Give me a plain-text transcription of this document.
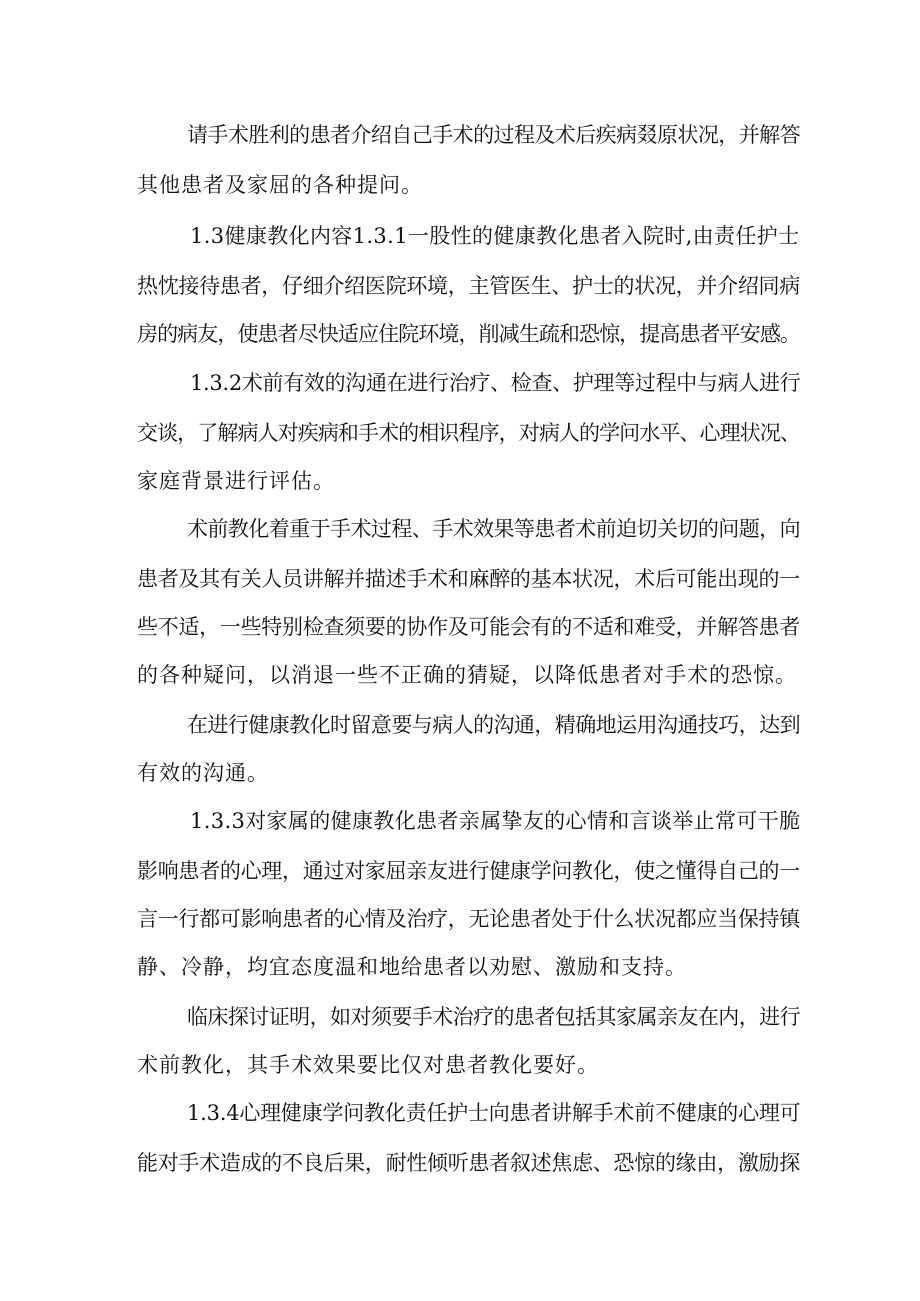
请手术胜利的患者介绍自己手术的过程及术后疾病叕原状况，并解答
其他患者及家屈的各种提问。
1.3健康教化内容1.3.1一股性的健康教化患者入院时,由责任护士
热忱接待患者，仔细介绍医院环境，主管医生、护士的状况，并介绍同病
房的病友，使患者尽快适应住院环境，削减生疏和恐惊，提高患者平安感。
1.3.2术前有效的沟通在进行治疗、检查、护理等过程中与病人进行
交谈，了解病人对疾病和手术的相识程序，对病人的学问水平、心理状况、
家庭背景进行评估。
术前教化着重于手术过程、手术效果等患者术前迫切关切的问题，向
患者及其有关人员讲解并描述手术和麻醉的基本状况，术后可能出现的一
些不适，一些特别检查须要的协作及可能会有的不适和难受，并解答患者
的各种疑问，以消退一些不正确的猜疑，以降低患者对手术的恐惊。
在进行健康教化时留意要与病人的沟通，精确地运用沟通技巧，达到
有效的沟通。
1.3.3对家属的健康教化患者亲属挚友的心情和言谈举止常可干脆
影响患者的心理，通过对家屈亲友进行健康学问教化，使之懂得自己的一
言一行都可影响患者的心情及治疗，无论患者处于什么状况都应当保持镇
静、冷静，均宜态度温和地给患者以劝慰、激励和支持。
临床探讨证明，如对须要手术治疗的患者包括其家属亲友在内，进行
术前教化，其手术效果要比仅对患者教化要好。
1.3.4心理健康学问教化责任护士向患者讲解手术前不健康的心理可
能对手术造成的不良后果，耐性倾听患者叙述焦虑、恐惊的缘由，激励探
